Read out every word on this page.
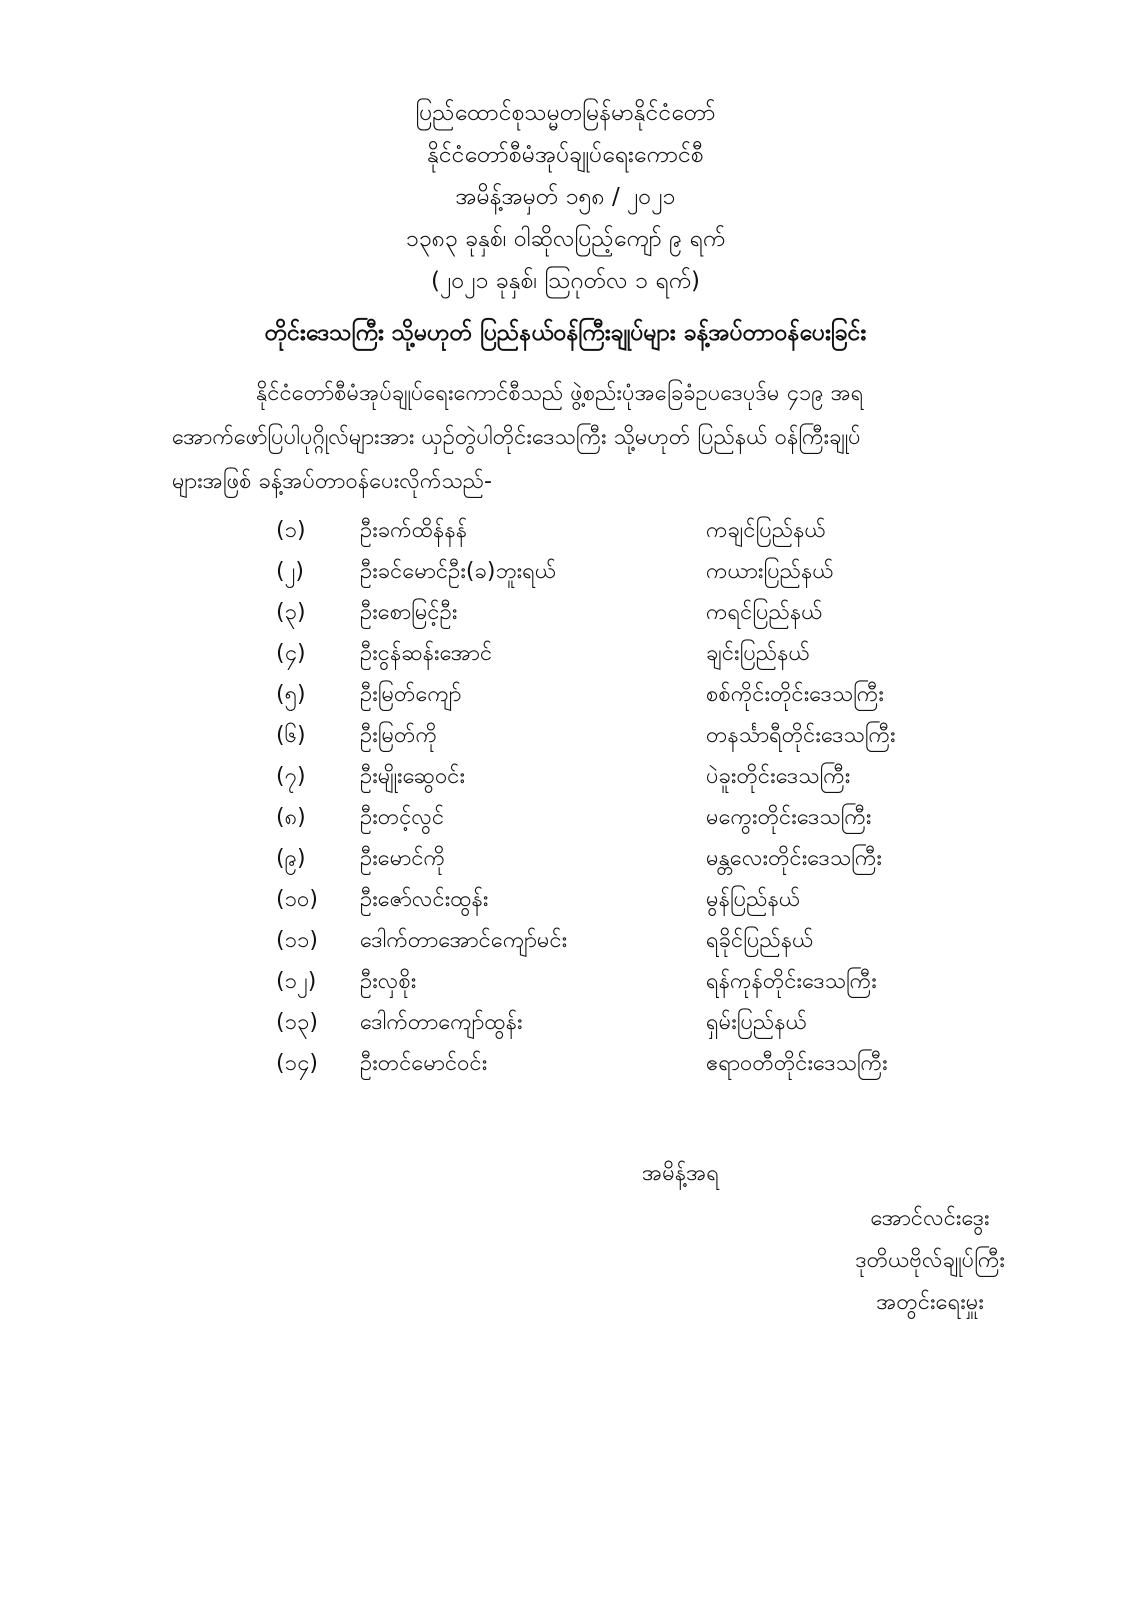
ပြည်ထောင်စုသမ္မတမြန်မာနိုင်ငံတော်
နိုင်ငံတော်စီမံအုပ်ချုပ်ရေးကောင်စီ
အမိန့်အမှတ် ၁၅၈ / ၂၀၂၁
၁၃၈၃ ခုနှစ်၊ ဝါဆိုလပြည့်ကျော် ၉ ရက်
(၂၀၂၁ ခုနှစ်၊ ဩဂုတ်လ ၁ ရက်)
တိုင်းဒေသကြီး သို့မဟုတ် ပြည်နယ်ဝန်ကြီးချုပ်များ ခန့်အပ်တာဝန်ပေးခြင်း
နိုင်ငံတော်စီမံအုပ်ချုပ်ရေးကောင်စီသည် ဖွဲ့စည်းပုံအခြေခံဥပဒေပုဒ်မ ၄၁၉ အရ
အောက်ဖော်ပြပါပုဂ္ဂိုလ်များအား ယှဉ်တွဲပါတိုင်းဒေသကြီး သို့မဟုတ် ပြည်နယ် ဝန်ကြီးချုပ်
များအဖြစ် ခန့်အပ်တာဝန်ပေးလိုက်သည်-
(၁) ဦးခက်ထိန်နန်	ကချင်ပြည်နယ်
(၂)	ဦးခင်မောင်ဦး(ခ)ဘူးရယ်	ကယားပြည်နယ်
(၃) ဦးစောမြင့်ဦး	ကရင်ပြည်နယ်
(၄) ဦးငွန်ဆန်းအောင်	ချင်းပြည်နယ်
(၅) ဦးမြတ်ကျော်	စစ်ကိုင်းတိုင်းဒေသကြီး
(၆) ဦးမြတ်ကို	တနင်္သာရီတိုင်းဒေသကြီး
(၇) ဦးမျိုးဆွေဝင်း	ပဲခူးတိုင်းဒေသကြီး
(၈) ဦးတင့်လွင်	မကွေးတိုင်းဒေသကြီး
(၉) ဦးမောင်ကို	မန္တလေးတိုင်းဒေသကြီး
(၁၀) ဦးဇော်လင်းထွန်း	မွန်ပြည်နယ်
(၁၁) ဒေါက်တာအောင်ကျော်မင်း	ရခိုင်ပြည်နယ်
(၁၂) ဦးလှစိုး	ရန်ကုန်တိုင်းဒေသကြီး
(၁၃) ဒေါက်တာကျော်ထွန်း	ရှမ်းပြည်နယ်
(၁၄) ဦးတင်မောင်ဝင်း	ဧရာဝတီတိုင်းဒေသကြီး
အမိန့်အရ
အောင်လင်းဒွေး
ဒုတိယဗိုလ်ချုပ်ကြီး
အတွင်းရေးမှူး
